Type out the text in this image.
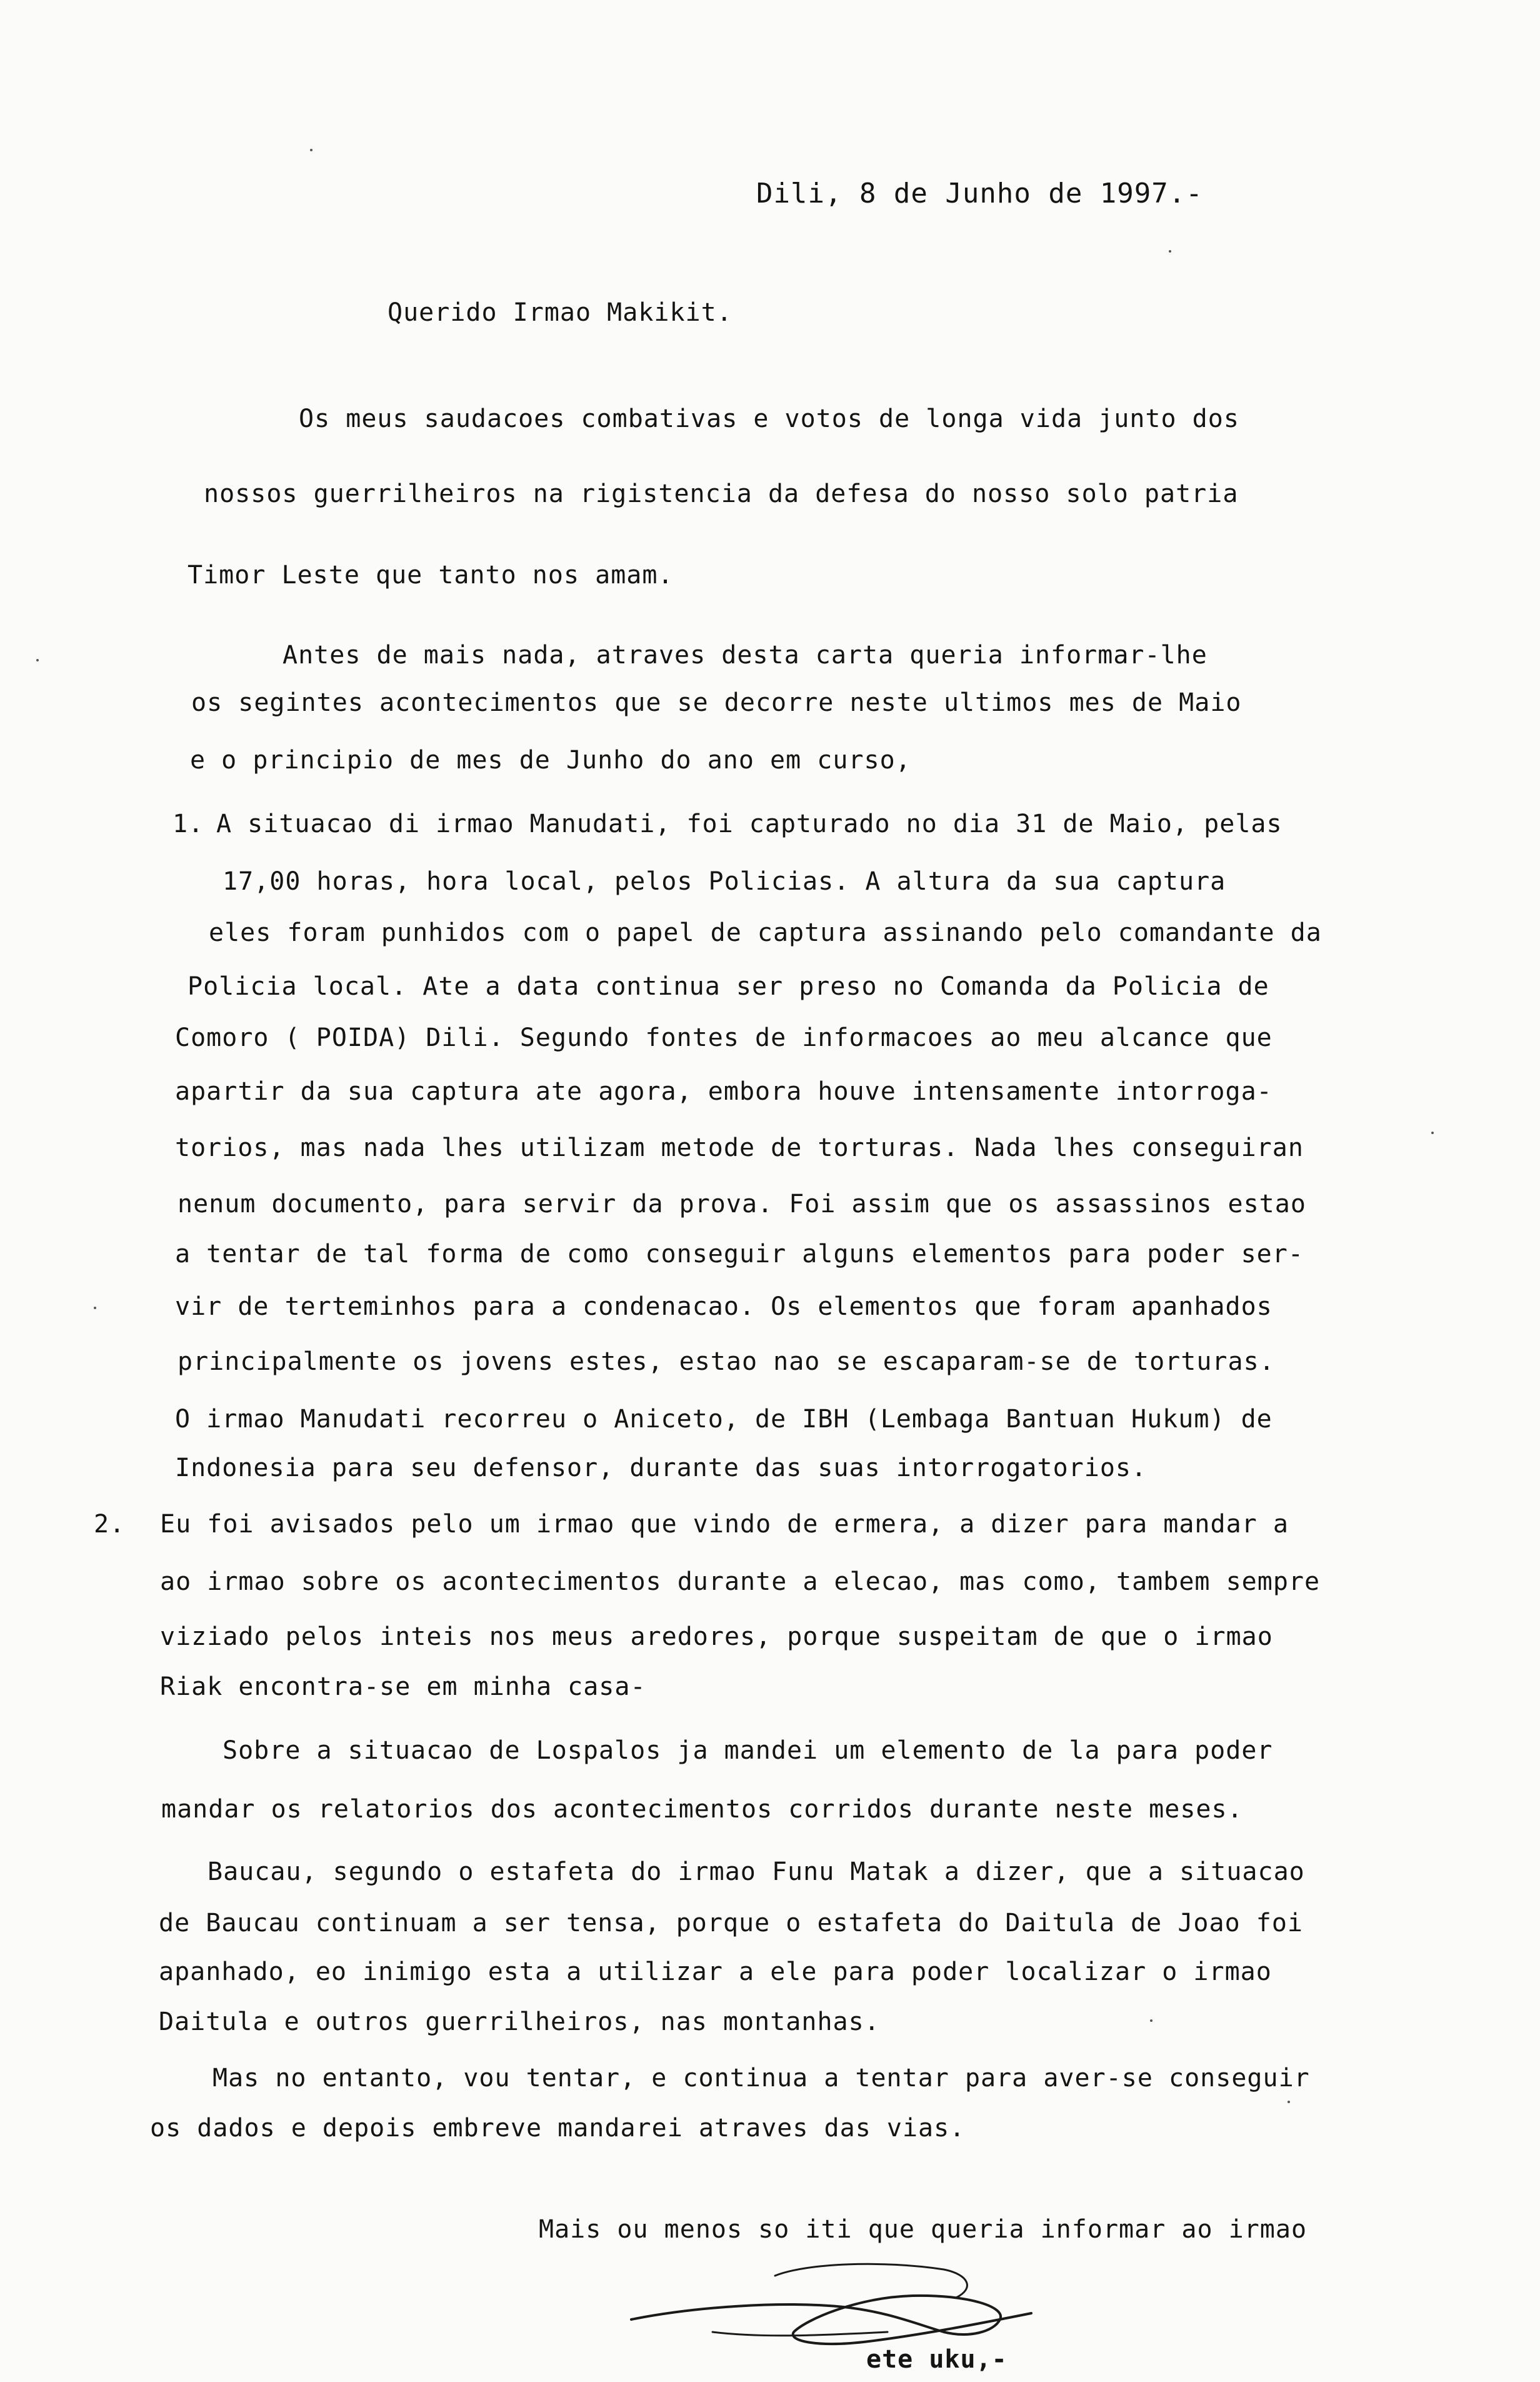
Dili, 8 de Junho de 1997.-
Querido Irmao Makikit.
Os meus saudacoes combativas e votos de longa vida junto dos
nossos guerrilheiros na rigistencia da defesa do nosso solo patria
Timor Leste que tanto nos amam.
Antes de mais nada, atraves desta carta queria informar-lhe
os segintes acontecimentos que se decorre neste ultimos mes de Maio
e o principio de mes de Junho do ano em curso,
1. A situacao di irmao Manudati, foi capturado no dia 31 de Maio, pelas
17,00 horas, hora local, pelos Policias. A altura da sua captura
eles foram punhidos com o papel de captura assinando pelo comandante da
Policia local. Ate a data continua ser preso no Comanda da Policia de
Comoro ( POIDA) Dili. Segundo fontes de informacoes ao meu alcance que
apartir da sua captura ate agora, embora houve intensamente intorroga-
torios, mas nada lhes utilizam metode de torturas. Nada lhes conseguiran
nenum documento, para servir da prova. Foi assim que os assassinos estao
a tentar de tal forma de como conseguir alguns elementos para poder ser-
vir de terteminhos para a condenacao. Os elementos que foram apanhados
principalmente os jovens estes, estao nao se escaparam-se de torturas.
O irmao Manudati recorreu o Aniceto, de IBH (Lembaga Bantuan Hukum) de
Indonesia para seu defensor, durante das suas intorrogatorios.
2. Eu foi avisados pelo um irmao que vindo de ermera, a dizer para mandar a
ao irmao sobre os acontecimentos durante a elecao, mas como, tambem sempre
viziado pelos inteis nos meus aredores, porque suspeitam de que o irmao
Riak encontra-se em minha casa-
Sobre a situacao de Lospalos ja mandei um elemento de la para poder
mandar os relatorios dos acontecimentos corridos durante neste meses.
Baucau, segundo o estafeta do irmao Funu Matak a dizer, que a situacao
de Baucau continuam a ser tensa, porque o estafeta do Daitula de Joao foi
apanhado, eo inimigo esta a utilizar a ele para poder localizar o irmao
Daitula e outros guerrilheiros, nas montanhas.
Mas no entanto, vou tentar, e continua a tentar para aver-se conseguir
os dados e depois embreve mandarei atraves das vias.
Mais ou menos so iti que queria informar ao irmao
ete uku,-
